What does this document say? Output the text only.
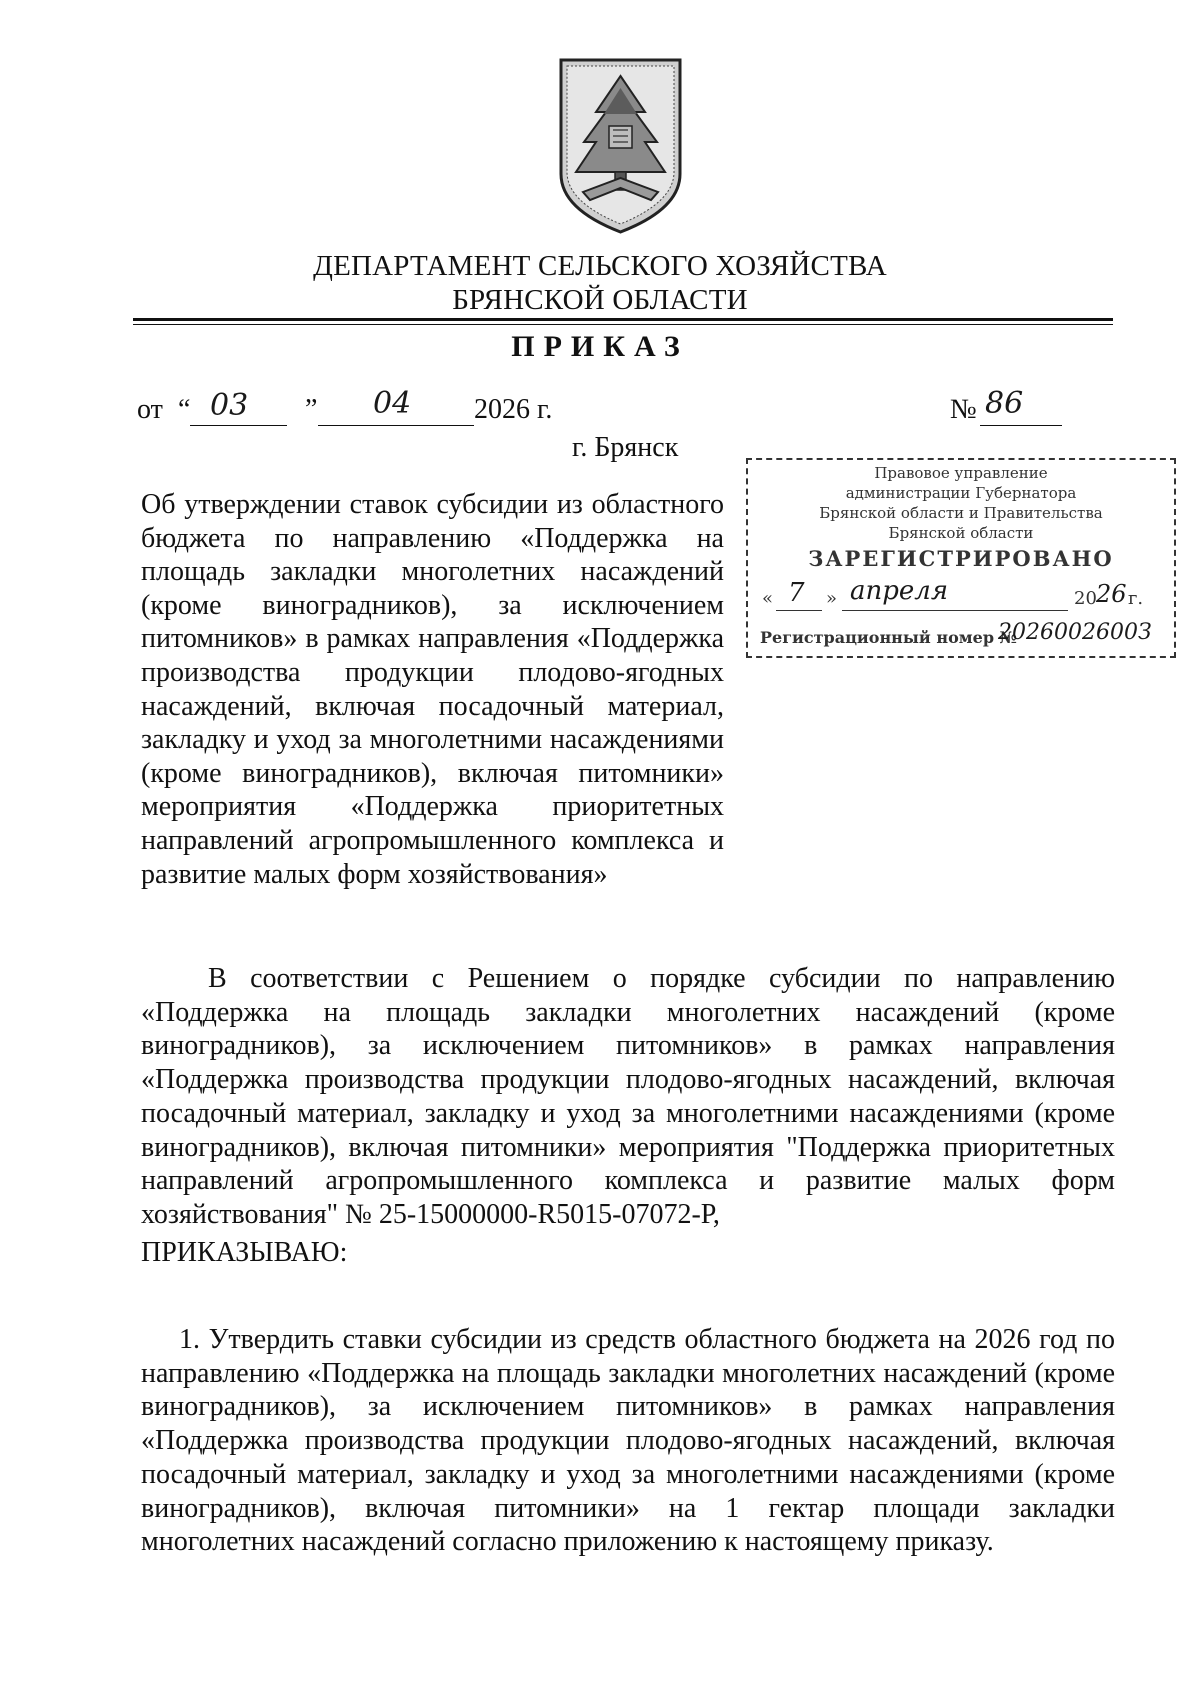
ДЕПАРТАМЕНТ СЕЛЬСКОГО ХОЗЯЙСТВА
БРЯНСКОЙ ОБЛАСТИ
ПРИКАЗ
от “ 03 ” 04 2026 г.	№ 86
г. Брянск
Правовое управление
администрации Губернатора
Брянской области и Правительства
Брянской области
ЗАРЕГИСТРИРОВАНО
« 7 » апреля	20 26 г.
Регистрационный номер №
2026002600З
Об утверждении ставок субсидии из областного бюджета по направлению «Поддержка на площадь закладки многолетних насаждений (кроме виноградников), за исключением питомников» в рамках направления «Поддержка производства продукции плодово-ягодных насаждений, включая посадочный материал, закладку и уход за многолетними насаждениями (кроме виноградников), включая питомники» мероприятия «Поддержка приоритетных направлений агропромышленного комплекса и развитие малых форм хозяйствования»
В соответствии с Решением о порядке субсидии по направлению «Поддержка на площадь закладки многолетних насаждений (кроме виноградников), за исключением питомников» в рамках направления «Поддержка производства продукции плодово-ягодных насаждений, включая посадочный материал, закладку и уход за многолетними насаждениями (кроме виноградников), включая питомники» мероприятия "Поддержка приоритетных направлений агропромышленного комплекса и развитие малых форм хозяйствования" № 25-15000000-R5015-07072-Р,
ПРИКАЗЫВАЮ:
1. Утвердить ставки субсидии из средств областного бюджета на 2026 год по направлению «Поддержка на площадь закладки многолетних насаждений (кроме виноградников), за исключением питомников» в рамках направления «Поддержка производства продукции плодово-ягодных насаждений, включая посадочный материал, закладку и уход за многолетними насаждениями (кроме виноградников), включая питомники» на 1 гектар площади закладки многолетних насаждений согласно приложению к настоящему приказу.
